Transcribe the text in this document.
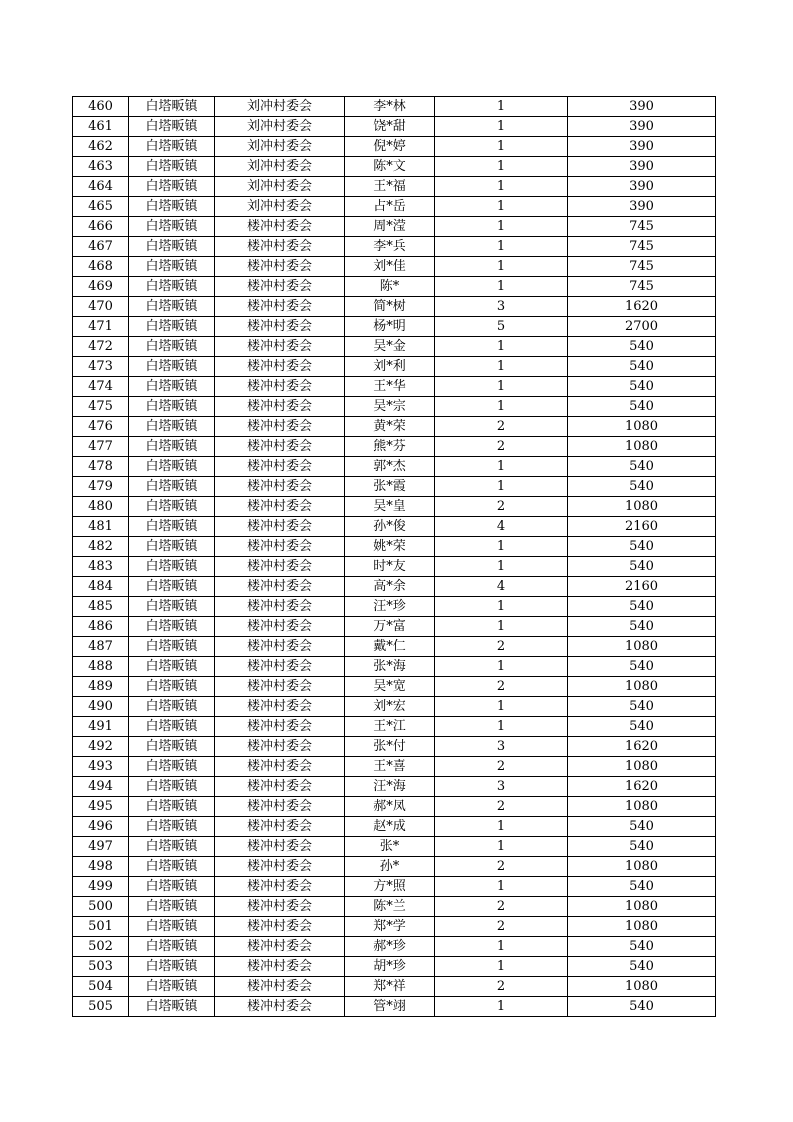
460	白塔畈镇	刘冲村委会	李*林	1	390
461	白塔畈镇	刘冲村委会	饶*甜	1	390
462	白塔畈镇	刘冲村委会	倪*婷	1	390
463	白塔畈镇	刘冲村委会	陈*文	1	390
464	白塔畈镇	刘冲村委会	王*福	1	390
465	白塔畈镇	刘冲村委会	占*岳	1	390
466	白塔畈镇	楼冲村委会	周*滢	1	745
467	白塔畈镇	楼冲村委会	李*兵	1	745
468	白塔畈镇	楼冲村委会	刘*佳	1	745
469	白塔畈镇	楼冲村委会	陈*	1	745
470	白塔畈镇	楼冲村委会	简*树	3	1620
471	白塔畈镇	楼冲村委会	杨*明	5	2700
472	白塔畈镇	楼冲村委会	吴*金	1	540
473	白塔畈镇	楼冲村委会	刘*利	1	540
474	白塔畈镇	楼冲村委会	王*华	1	540
475	白塔畈镇	楼冲村委会	吴*宗	1	540
476	白塔畈镇	楼冲村委会	黄*荣	2	1080
477	白塔畈镇	楼冲村委会	熊*芬	2	1080
478	白塔畈镇	楼冲村委会	郭*杰	1	540
479	白塔畈镇	楼冲村委会	张*霞	1	540
480	白塔畈镇	楼冲村委会	吴*皇	2	1080
481	白塔畈镇	楼冲村委会	孙*俊	4	2160
482	白塔畈镇	楼冲村委会	姚*荣	1	540
483	白塔畈镇	楼冲村委会	时*友	1	540
484	白塔畈镇	楼冲村委会	高*余	4	2160
485	白塔畈镇	楼冲村委会	汪*珍	1	540
486	白塔畈镇	楼冲村委会	万*富	1	540
487	白塔畈镇	楼冲村委会	戴*仁	2	1080
488	白塔畈镇	楼冲村委会	张*海	1	540
489	白塔畈镇	楼冲村委会	吴*宽	2	1080
490	白塔畈镇	楼冲村委会	刘*宏	1	540
491	白塔畈镇	楼冲村委会	王*江	1	540
492	白塔畈镇	楼冲村委会	张*付	3	1620
493	白塔畈镇	楼冲村委会	王*喜	2	1080
494	白塔畈镇	楼冲村委会	汪*海	3	1620
495	白塔畈镇	楼冲村委会	郝*凤	2	1080
496	白塔畈镇	楼冲村委会	赵*成	1	540
497	白塔畈镇	楼冲村委会	张*	1	540
498	白塔畈镇	楼冲村委会	孙*	2	1080
499	白塔畈镇	楼冲村委会	方*照	1	540
500	白塔畈镇	楼冲村委会	陈*兰	2	1080
501	白塔畈镇	楼冲村委会	郑*学	2	1080
502	白塔畈镇	楼冲村委会	郝*珍	1	540
503	白塔畈镇	楼冲村委会	胡*珍	1	540
504	白塔畈镇	楼冲村委会	郑*祥	2	1080
505	白塔畈镇	楼冲村委会	管*翊	1	540
